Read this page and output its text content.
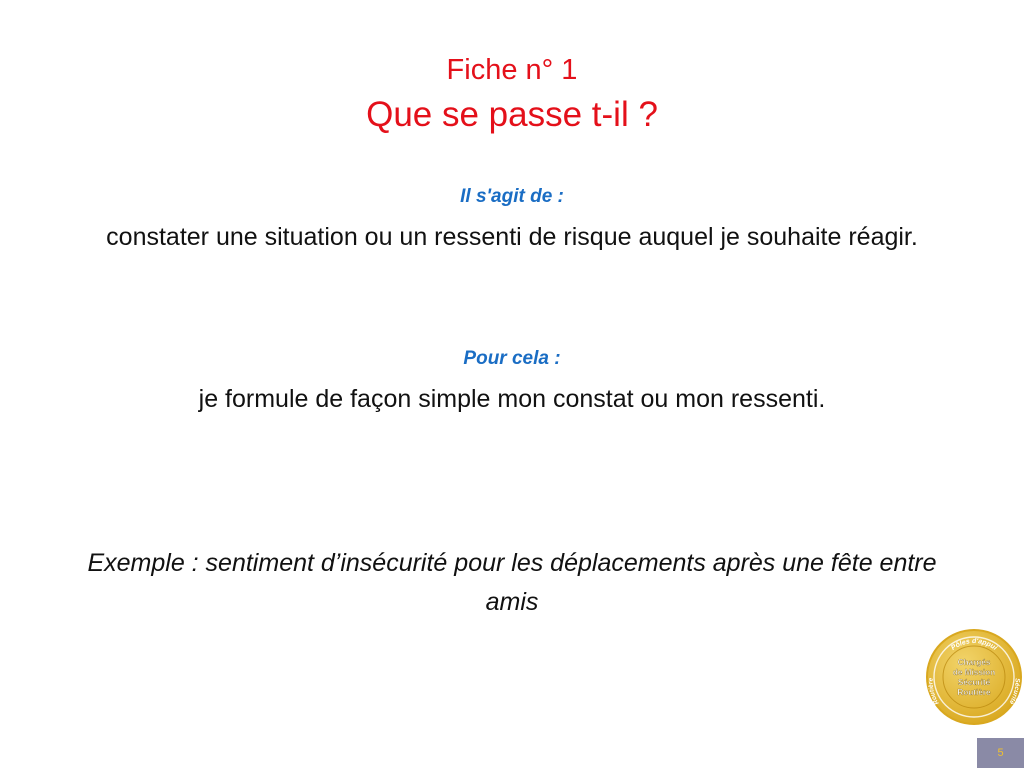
Fiche n° 1
Que se passe t-il ?
Il s'agit de :
constater une situation ou un ressenti de risque auquel je souhaite réagir.
Pour cela :
je formule de façon simple mon constat ou mon ressenti.
Exemple : sentiment d’insécurité pour les déplacements après une fête entre amis
Pôles d'appui
Routière	Sécurité
Chargés
de Mission
Sécurité
Routière
5
